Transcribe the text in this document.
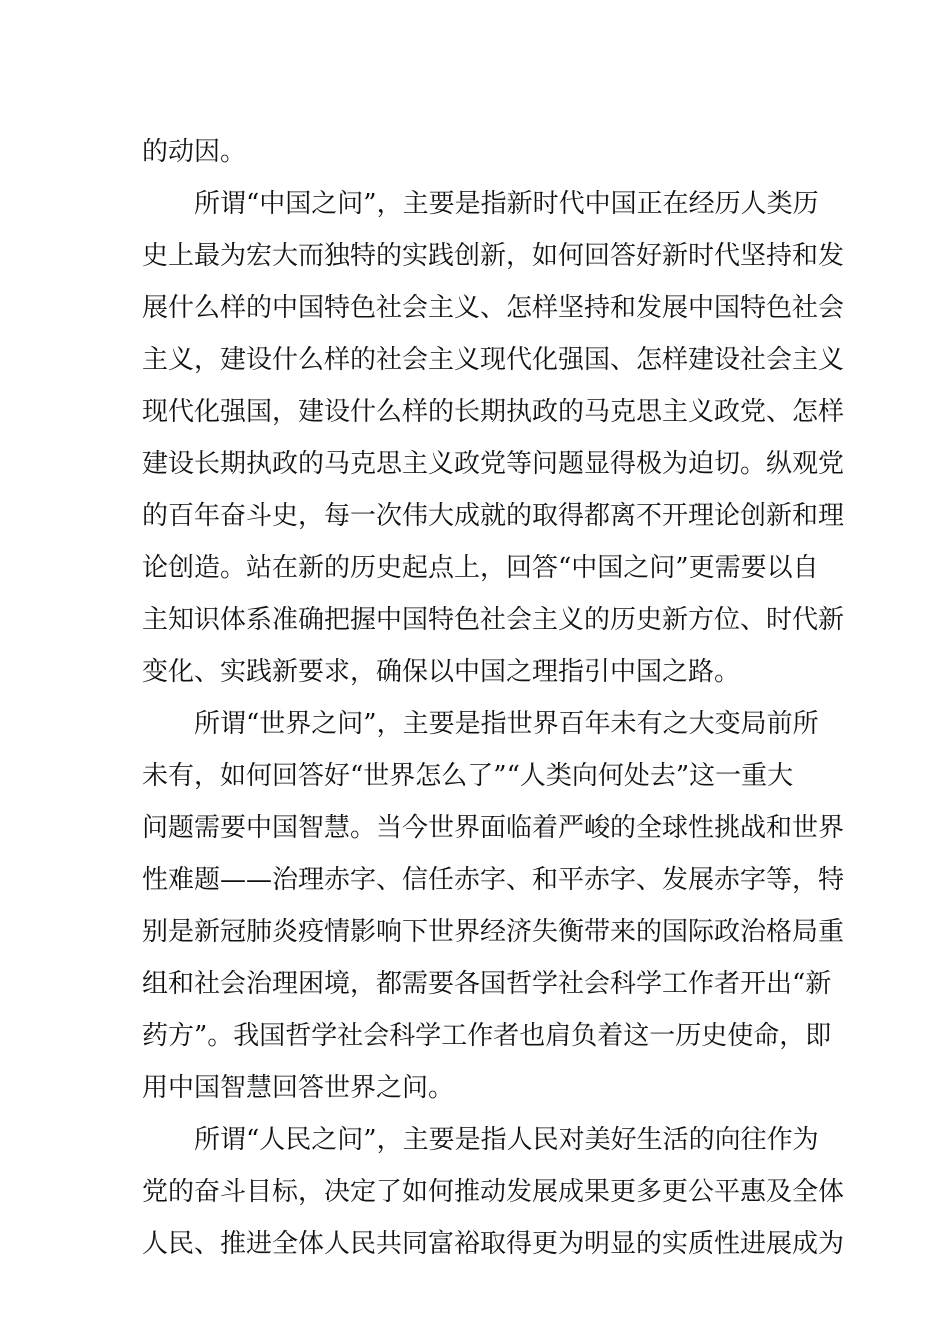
的动因。
所谓“中国之问”，主要是指新时代中国正在经历人类历
史上最为宏大而独特的实践创新，如何回答好新时代坚持和发
展什么样的中国特色社会主义、怎样坚持和发展中国特色社会
主义，建设什么样的社会主义现代化强国、怎样建设社会主义
现代化强国，建设什么样的长期执政的马克思主义政党、怎样
建设长期执政的马克思主义政党等问题显得极为迫切。纵观党
的百年奋斗史，每一次伟大成就的取得都离不开理论创新和理
论创造。站在新的历史起点上，回答“中国之问”更需要以自
主知识体系准确把握中国特色社会主义的历史新方位、时代新
变化、实践新要求，确保以中国之理指引中国之路。
所谓“世界之问”，主要是指世界百年未有之大变局前所
未有，如何回答好“世界怎么了”“人类向何处去”这一重大
问题需要中国智慧。当今世界面临着严峻的全球性挑战和世界
性难题——治理赤字、信任赤字、和平赤字、发展赤字等，特
别是新冠肺炎疫情影响下世界经济失衡带来的国际政治格局重
组和社会治理困境，都需要各国哲学社会科学工作者开出“新
药方”。我国哲学社会科学工作者也肩负着这一历史使命，即
用中国智慧回答世界之问。
所谓“人民之问”，主要是指人民对美好生活的向往作为
党的奋斗目标，决定了如何推动发展成果更多更公平惠及全体
人民、推进全体人民共同富裕取得更为明显的实质性进展成为
